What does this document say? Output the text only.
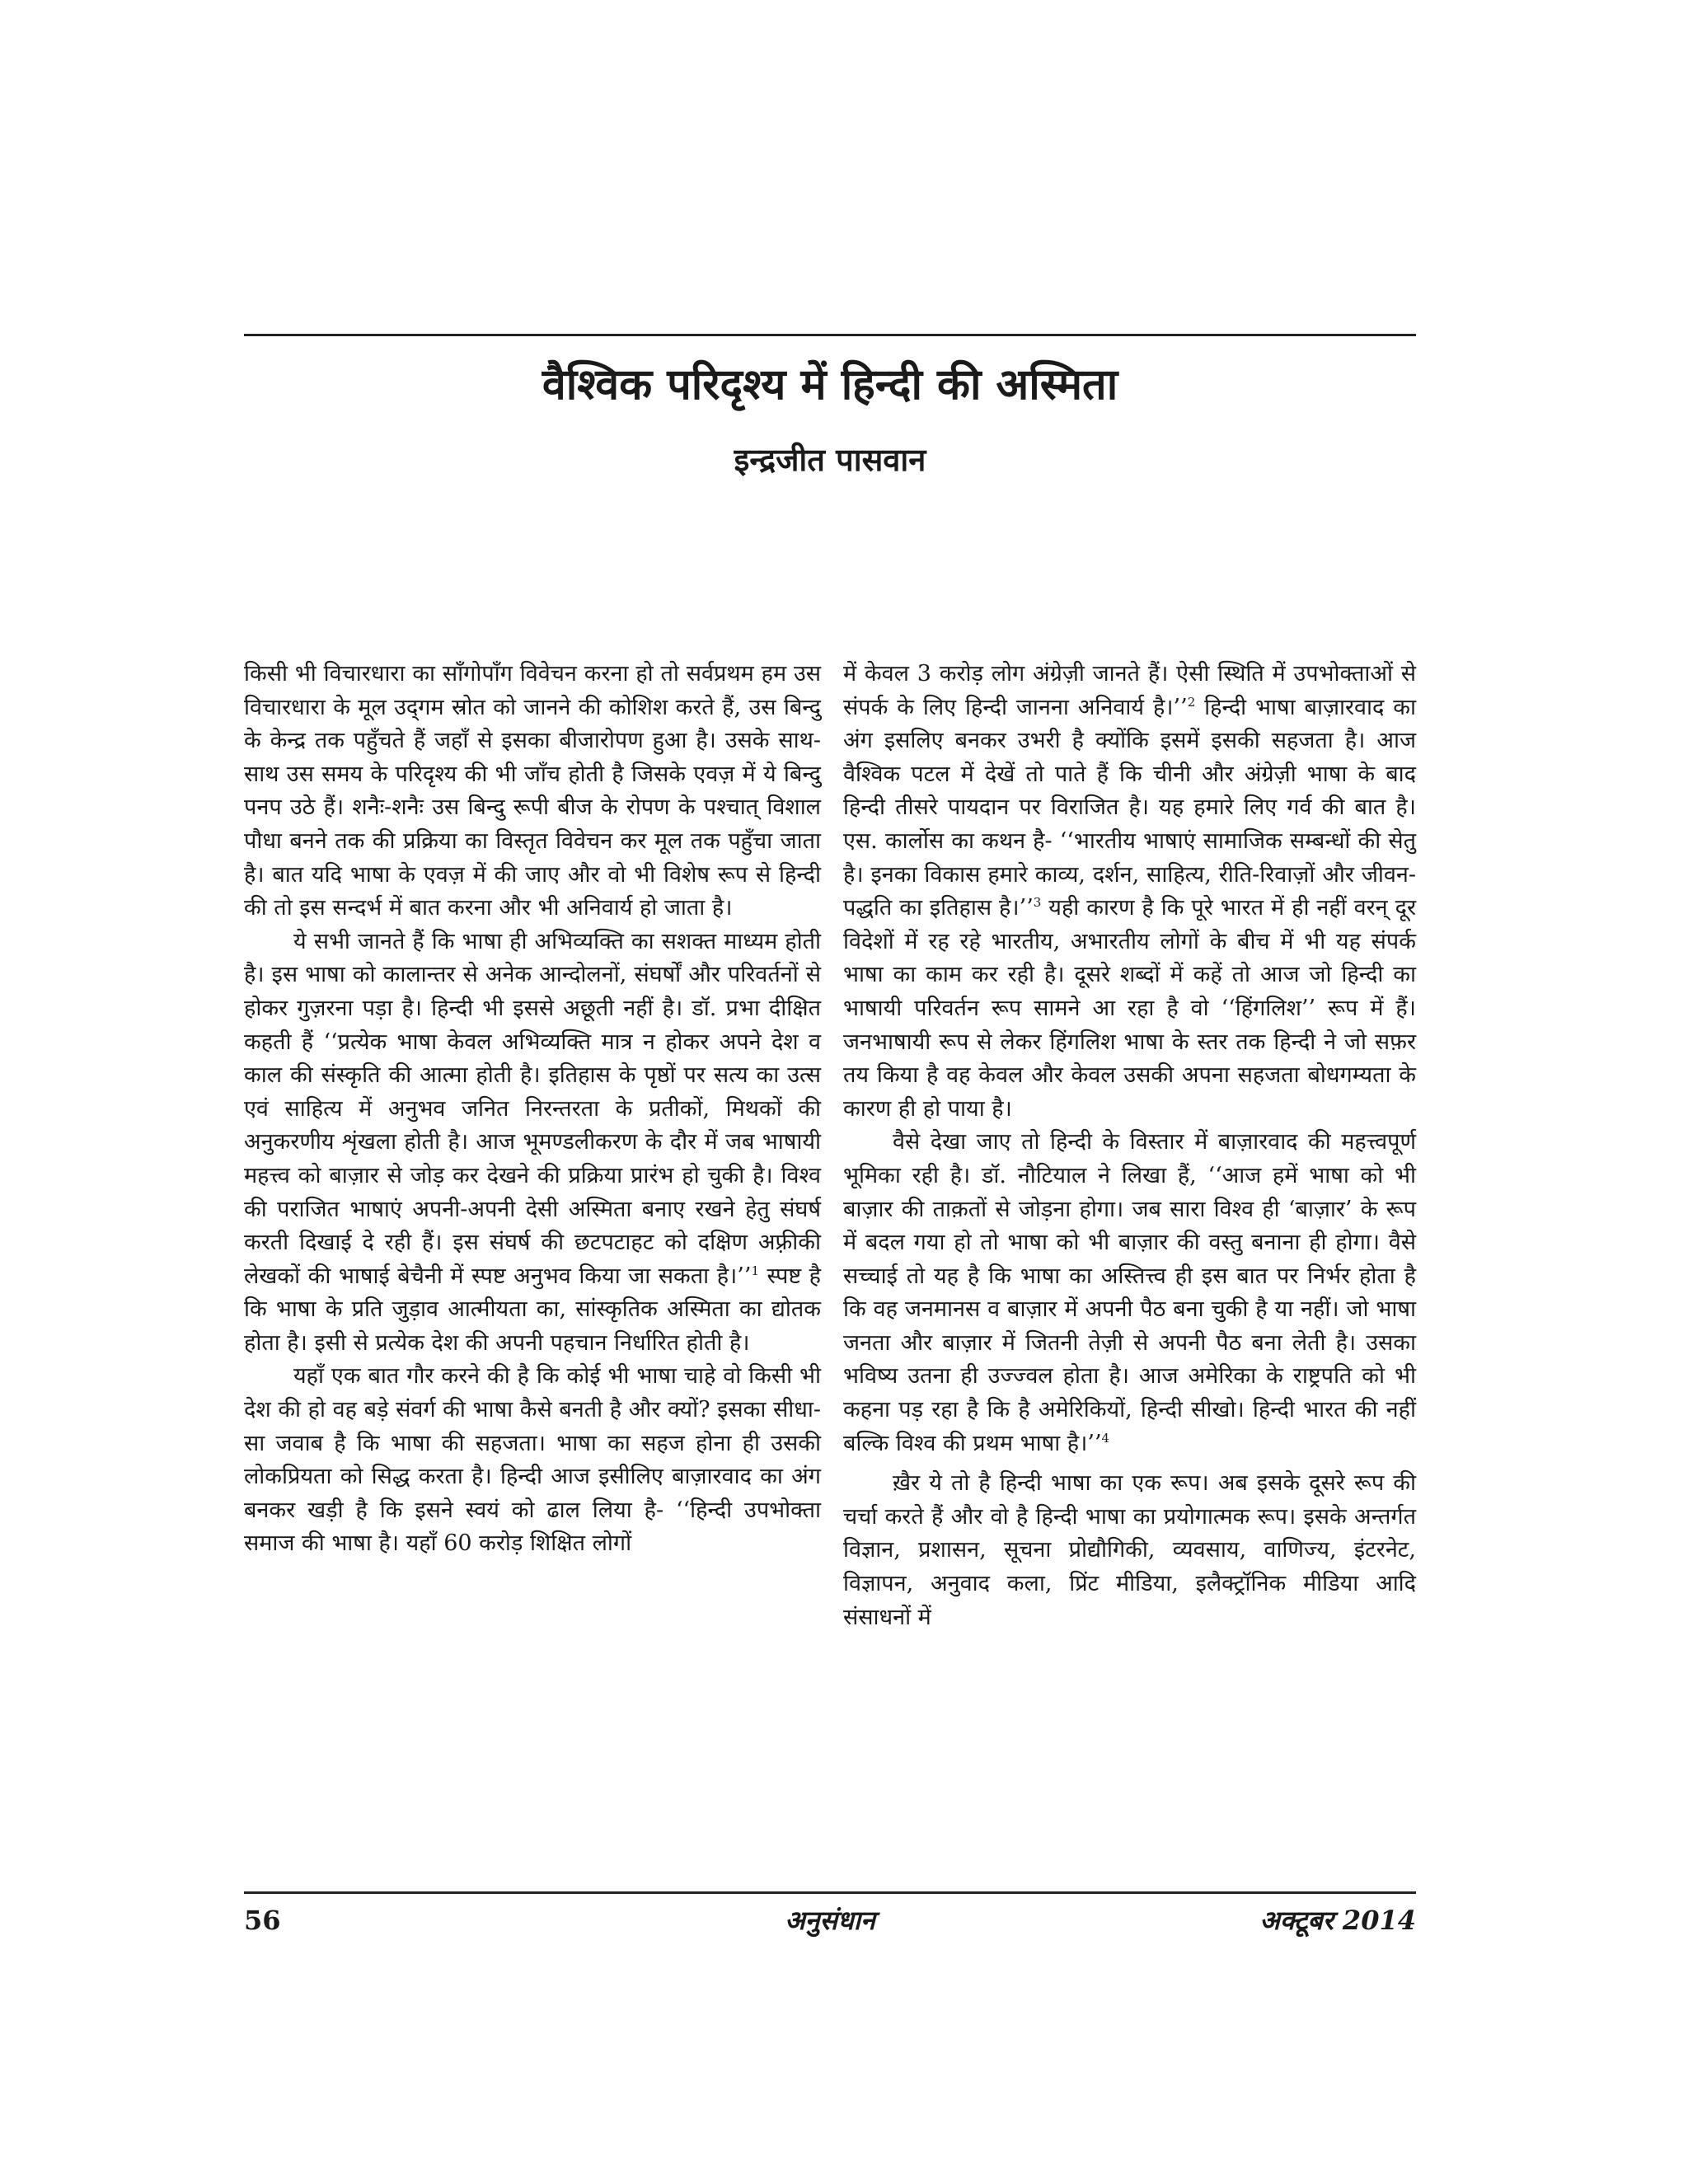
वैश्विक परिदृश्य में हिन्दी की अस्मिता
इन्द्रजीत पासवान

किसी भी विचारधारा का साँगोपाँग विवेचन करना हो तो सर्वप्रथम हम उस विचारधारा के मूल उद्‌गम स्रोत को जानने की कोशिश करते हैं, उस बिन्दु के केन्द्र तक पहुँचते हैं जहाँ से इसका बीजारोपण हुआ है। उसके साथ-साथ उस समय के परिदृश्य की भी जाँच होती है जिसके एवज़ में ये बिन्दु पनप उठे हैं। शनैः-शनैः उस बिन्दु रूपी बीज के रोपण के पश्चात्‌ विशाल पौधा बनने तक की प्रक्रिया का विस्तृत विवेचन कर मूल तक पहुँचा जाता है। बात यदि भाषा के एवज़ में की जाए और वो भी विशेष रूप से हिन्दी की तो इस सन्दर्भ में बात करना और भी अनिवार्य हो जाता है।

ये सभी जानते हैं कि भाषा ही अभिव्यक्ति का सशक्त माध्यम होती है। इस भाषा को कालान्तर से अनेक आन्दोलनों, संघर्षों और परिवर्तनों से होकर गुज़रना पड़ा है। हिन्दी भी इससे अछूती नहीं है। डॉ. प्रभा दीक्षित कहती हैं ‘‘प्रत्येक भाषा केवल अभिव्यक्ति मात्र न होकर अपने देश व काल की संस्कृति की आत्मा होती है। इतिहास के पृष्ठों पर सत्य का उत्स एवं साहित्य में अनुभव जनित निरन्तरता के प्रतीकों, मिथकों की अनुकरणीय शृंखला होती है। आज भूमण्डलीकरण के दौर में जब भाषायी महत्त्व को बाज़ार से जोड़ कर देखने की प्रक्रिया प्रारंभ हो चुकी है। विश्व की पराजित भाषाएं अपनी-अपनी देसी अस्मिता बनाए रखने हेतु संघर्ष करती दिखाई दे रही हैं। इस संघर्ष की छटपटाहट को दक्षिण अफ़्रीकी लेखकों की भाषाई बेचैनी में स्पष्ट अनुभव किया जा सकता है।’’$^1$ स्पष्ट है कि भाषा के प्रति जुड़ाव आत्मीयता का, सांस्कृतिक अस्मिता का द्योतक होता है। इसी से प्रत्येक देश की अपनी पहचान निर्धारित होती है।

यहाँ एक बात गौर करने की है कि कोई भी भाषा चाहे वो किसी भी देश की हो वह बड़े संवर्ग की भाषा कैसे बनती है और क्यों? इसका सीधा-सा जवाब है कि भाषा की सहजता। भाषा का सहज होना ही उसकी लोकप्रियता को सिद्ध करता है। हिन्दी आज इसीलिए बाज़ारवाद का अंग बनकर खड़ी है कि इसने स्वयं को ढाल लिया है- ‘‘हिन्दी उपभोक्ता समाज की भाषा है। यहाँ 60 करोड़ शिक्षित लोगों

में केवल 3 करोड़ लोग अंग्रेज़ी जानते हैं। ऐसी स्थिति में उपभोक्ताओं से संपर्क के लिए हिन्दी जानना अनिवार्य है।’’$^2$ हिन्दी भाषा बाज़ारवाद का अंग इसलिए बनकर उभरी है क्योंकि इसमें इसकी सहजता है। आज वैश्विक पटल में देखें तो पाते हैं कि चीनी और अंग्रेज़ी भाषा के बाद हिन्दी तीसरे पायदान पर विराजित है। यह हमारे लिए गर्व की बात है। एस. कार्लोस का कथन है- ‘‘भारतीय भाषाएं सामाजिक सम्बन्धों की सेतु है। इनका विकास हमारे काव्य, दर्शन, साहित्य, रीति-रिवाज़ों और जीवन-पद्धति का इतिहास है।’’$^3$ यही कारण है कि पूरे भारत में ही नहीं वरन् दूर विदेशों में रह रहे भारतीय, अभारतीय लोगों के बीच में भी यह संपर्क भाषा का काम कर रही है। दूसरे शब्दों में कहें तो आज जो हिन्दी का भाषायी परिवर्तन रूप सामने आ रहा है वो ‘‘हिंगलिश’’ रूप में हैं। जनभाषायी रूप से लेकर हिंगलिश भाषा के स्तर तक हिन्दी ने जो सफ़र तय किया है वह केवल और केवल उसकी अपना सहजता बोधगम्यता के कारण ही हो पाया है।

वैसे देखा जाए तो हिन्दी के विस्तार में बाज़ारवाद की महत्त्वपूर्ण भूमिका रही है। डॉ. नौटियाल ने लिखा हैं, ‘‘आज हमें भाषा को भी बाज़ार की ताक़तों से जोड़ना होगा। जब सारा विश्व ही ‘बाज़ार’ के रूप में बदल गया हो तो भाषा को भी बाज़ार की वस्तु बनाना ही होगा। वैसे सच्चाई तो यह है कि भाषा का अस्तित्त्व ही इस बात पर निर्भर होता है कि वह जनमानस व बाज़ार में अपनी पैठ बना चुकी है या नहीं। जो भाषा जनता और बाज़ार में जितनी तेज़ी से अपनी पैठ बना लेती है। उसका भविष्य उतना ही उज्ज्वल होता है। आज अमेरिका के राष्ट्रपति को भी कहना पड़ रहा है कि है अमेरिकियों, हिन्दी सीखो। हिन्दी भारत की नहीं बल्कि विश्व की प्रथम भाषा है।’’$^4$

ख़ैर ये तो है हिन्दी भाषा का एक रूप। अब इसके दूसरे रूप की चर्चा करते हैं और वो है हिन्दी भाषा का प्रयोगात्मक रूप। इसके अन्तर्गत विज्ञान, प्रशासन, सूचना प्रोद्यौगिकी, व्यवसाय, वाणिज्य, इंटरनेट, विज्ञापन, अनुवाद कला, प्रिंट मीडिया, इलैक्ट्रॉनिक मीडिया आदि संसाधनों में

56	अनुसंधान	अक्टूबर 2014
